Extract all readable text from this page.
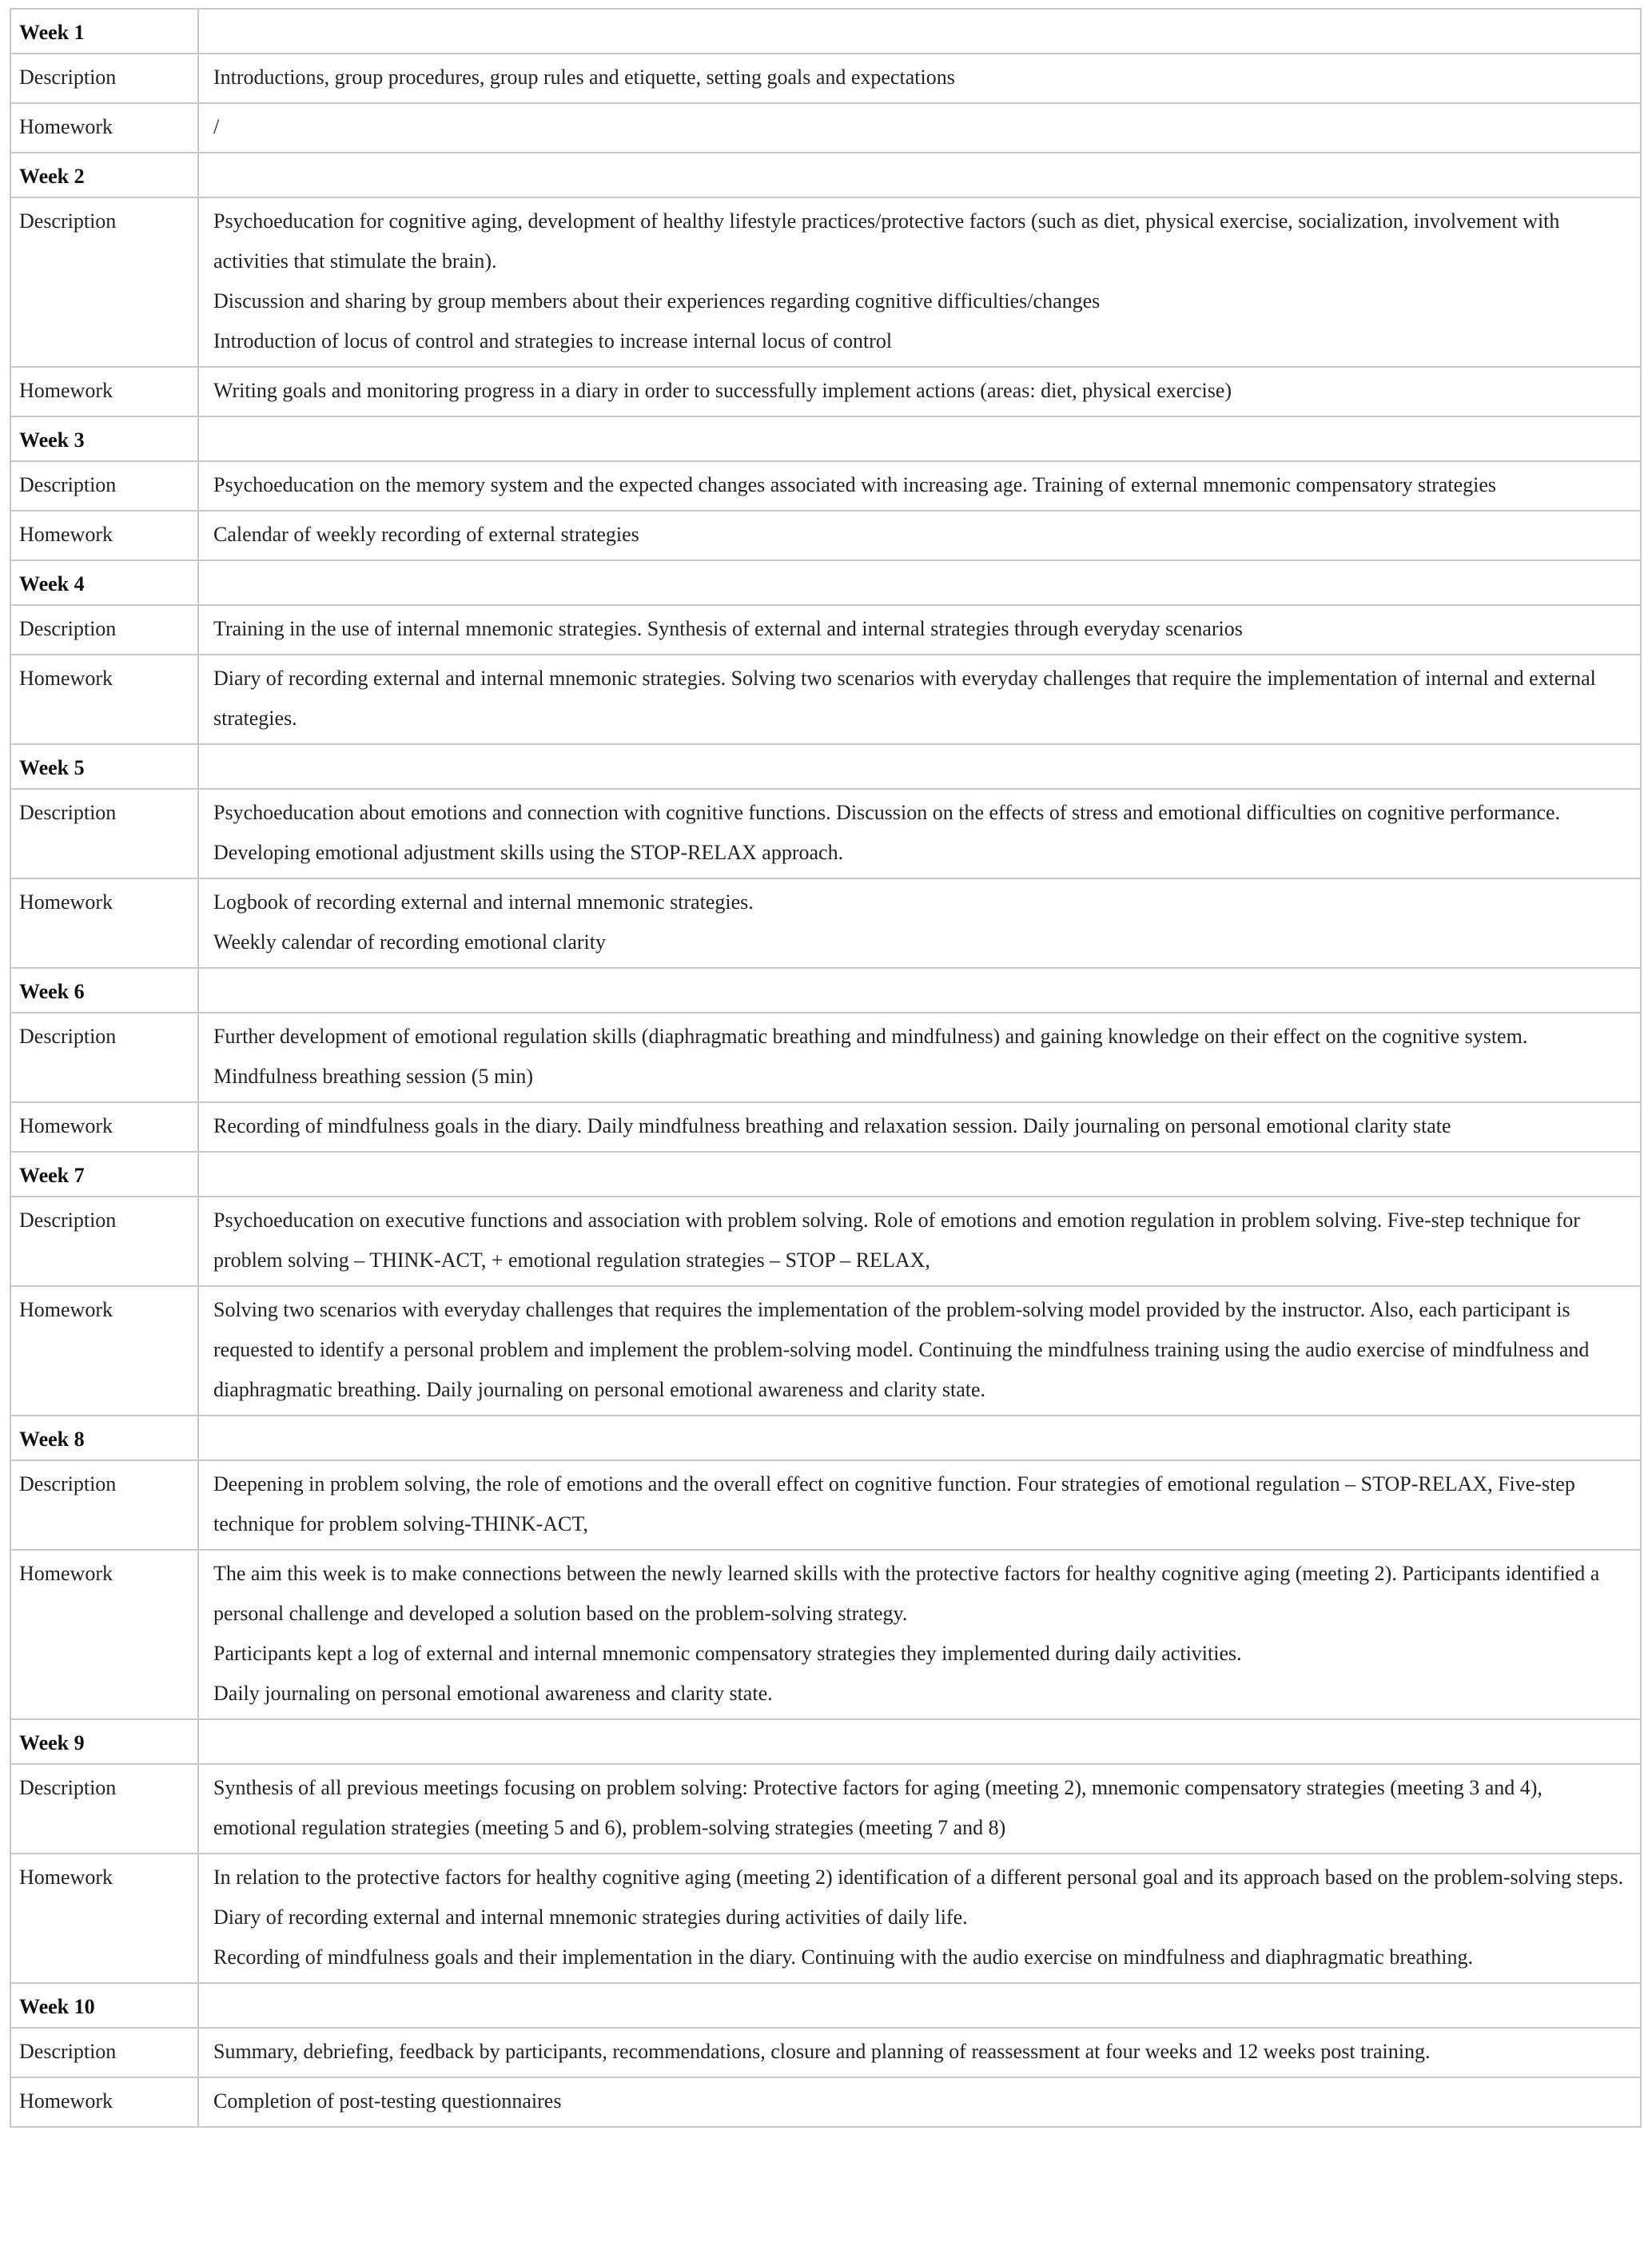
Week 1	

Description	Introductions, group procedures, group rules and etiquette, setting goals and expectations

Homework	/

Week 2	

Description	Psychoeducation for cognitive aging, development of healthy lifestyle practices/protective factors (such as diet, physical exercise, socialization, involvement with activities that stimulate the brain).
Discussion and sharing by group members about their experiences regarding cognitive difficulties/changes
Introduction of locus of control and strategies to increase internal locus of control

Homework	Writing goals and monitoring progress in a diary in order to successfully implement actions (areas: diet, physical exercise)

Week 3	

Description	Psychoeducation on the memory system and the expected changes associated with increasing age. Training of external mnemonic compensatory strategies

Homework	Calendar of weekly recording of external strategies

Week 4	

Description	Training in the use of internal mnemonic strategies. Synthesis of external and internal strategies through everyday scenarios

Homework	Diary of recording external and internal mnemonic strategies. Solving two scenarios with everyday challenges that require the implementation of internal and external strategies.

Week 5	

Description	Psychoeducation about emotions and connection with cognitive functions. Discussion on the effects of stress and emotional difficulties on cognitive performance. Developing emotional adjustment skills using the STOP-RELAX approach.

Homework	Logbook of recording external and internal mnemonic strategies.
Weekly calendar of recording emotional clarity

Week 6	

Description	Further development of emotional regulation skills (diaphragmatic breathing and mindfulness) and gaining knowledge on their effect on the cognitive system.
Mindfulness breathing session (5 min)

Homework	Recording of mindfulness goals in the diary. Daily mindfulness breathing and relaxation session. Daily journaling on personal emotional clarity state

Week 7	

Description	Psychoeducation on executive functions and association with problem solving. Role of emotions and emotion regulation in problem solving. Five-step technique for problem solving – THINK-ACT, + emotional regulation strategies – STOP – RELAX,

Homework	Solving two scenarios with everyday challenges that requires the implementation of the problem-solving model provided by the instructor. Also, each participant is requested to identify a personal problem and implement the problem-solving model. Continuing the mindfulness training using the audio exercise of mindfulness and diaphragmatic breathing. Daily journaling on personal emotional awareness and clarity state.

Week 8	

Description	Deepening in problem solving, the role of emotions and the overall effect on cognitive function. Four strategies of emotional regulation – STOP-RELAX, Five-step technique for problem solving-THINK-ACT,

Homework	The aim this week is to make connections between the newly learned skills with the protective factors for healthy cognitive aging (meeting 2). Participants identified a personal challenge and developed a solution based on the problem-solving strategy.
Participants kept a log of external and internal mnemonic compensatory strategies they implemented during daily activities.
Daily journaling on personal emotional awareness and clarity state.

Week 9	

Description	Synthesis of all previous meetings focusing on problem solving: Protective factors for aging (meeting 2), mnemonic compensatory strategies (meeting 3 and 4), emotional regulation strategies (meeting 5 and 6), problem-solving strategies (meeting 7 and 8)

Homework	In relation to the protective factors for healthy cognitive aging (meeting 2) identification of a different personal goal and its approach based on the problem-solving steps. Diary of recording external and internal mnemonic strategies during activities of daily life.
Recording of mindfulness goals and their implementation in the diary. Continuing with the audio exercise on mindfulness and diaphragmatic breathing.

Week 10	

Description	Summary, debriefing, feedback by participants, recommendations, closure and planning of reassessment at four weeks and 12 weeks post training.

Homework	Completion of post-testing questionnaires
